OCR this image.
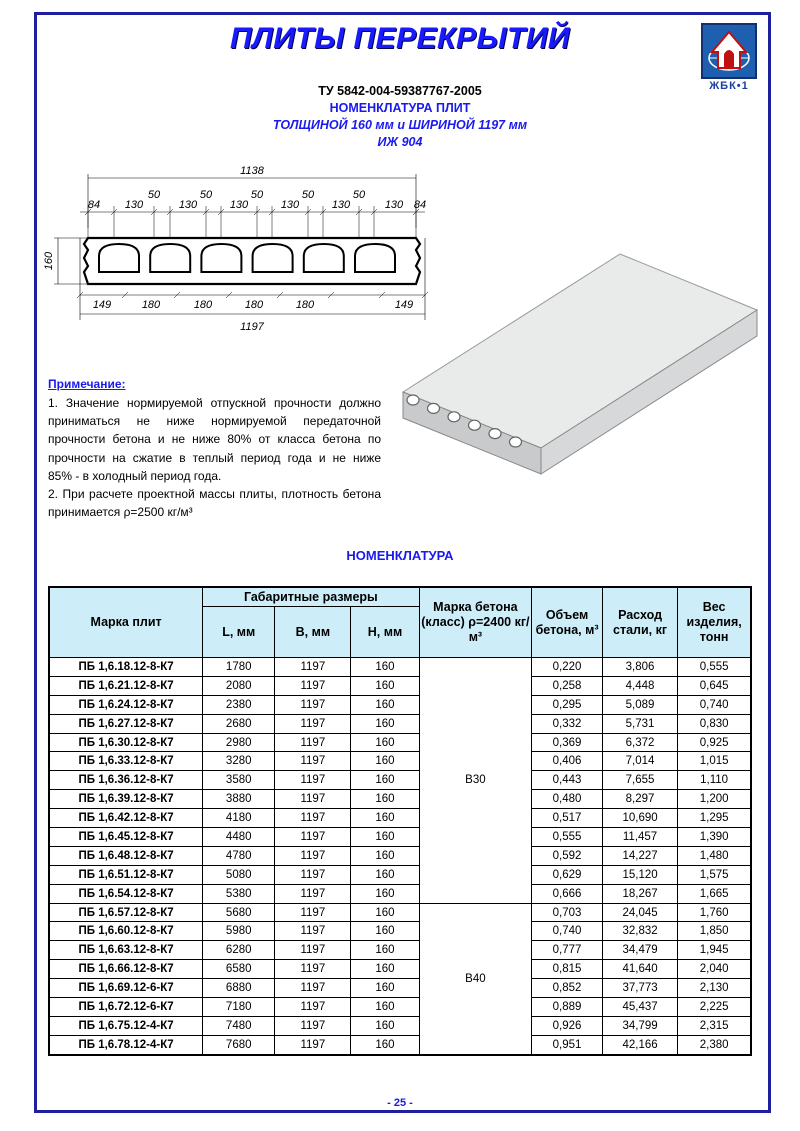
ПЛИТЫ ПЕРЕКРЫТИЙ
ЖБК•1
ТУ 5842-004-59387767-2005
НОМЕНКЛАТУРА ПЛИТ
ТОЛЩИНОЙ 160 мм и ШИРИНОЙ 1197 мм
ИЖ 904
1138
84 130
50
130
50
130
50
130
50
130
50
130 84
160
149	180	180	180	180	149
1197
Примечание:
1. Значение нормируемой отпускной прочности должно
приниматься не ниже нормируемой передаточной
прочности бетона и не ниже 80% от класса бетона по
прочности на сжатие в теплый период года и не ниже
85% - в холодный период года.
2. При расчете проектной массы плиты, плотность бетона
принимается ρ=2500 кг/м³
НОМЕНКЛАТУРА
Марка плит	Габаритные размеры			Марка бетона (класс) ρ=2400 кг/м³	Объем бетона, м³	Расход стали, кг	Вес изделия, тонн
	L, мм	В, мм	Н, мм				
ПБ 1,6.18.12-8-К7	1780	1197	160	В30	0,220	3,806	0,555
ПБ 1,6.21.12-8-К7	2080	1197	160		0,258	4,448	0,645
ПБ 1,6.24.12-8-К7	2380	1197	160		0,295	5,089	0,740
ПБ 1,6.27.12-8-К7	2680	1197	160		0,332	5,731	0,830
ПБ 1,6.30.12-8-К7	2980	1197	160		0,369	6,372	0,925
ПБ 1,6.33.12-8-К7	3280	1197	160		0,406	7,014	1,015
ПБ 1,6.36.12-8-К7	3580	1197	160		0,443	7,655	1,110
ПБ 1,6.39.12-8-К7	3880	1197	160		0,480	8,297	1,200
ПБ 1,6.42.12-8-К7	4180	1197	160		0,517	10,690	1,295
ПБ 1,6.45.12-8-К7	4480	1197	160		0,555	11,457	1,390
ПБ 1,6.48.12-8-К7	4780	1197	160		0,592	14,227	1,480
ПБ 1,6.51.12-8-К7	5080	1197	160		0,629	15,120	1,575
ПБ 1,6.54.12-8-К7	5380	1197	160		0,666	18,267	1,665
ПБ 1,6.57.12-8-К7	5680	1197	160	В40	0,703	24,045	1,760
ПБ 1,6.60.12-8-К7	5980	1197	160		0,740	32,832	1,850
ПБ 1,6.63.12-8-К7	6280	1197	160		0,777	34,479	1,945
ПБ 1,6.66.12-8-К7	6580	1197	160		0,815	41,640	2,040
ПБ 1,6.69.12-6-К7	6880	1197	160		0,852	37,773	2,130
ПБ 1,6.72.12-6-К7	7180	1197	160		0,889	45,437	2,225
ПБ 1,6.75.12-4-К7	7480	1197	160		0,926	34,799	2,315
ПБ 1,6.78.12-4-К7	7680	1197	160		0,951	42,166	2,380
- 25 -
